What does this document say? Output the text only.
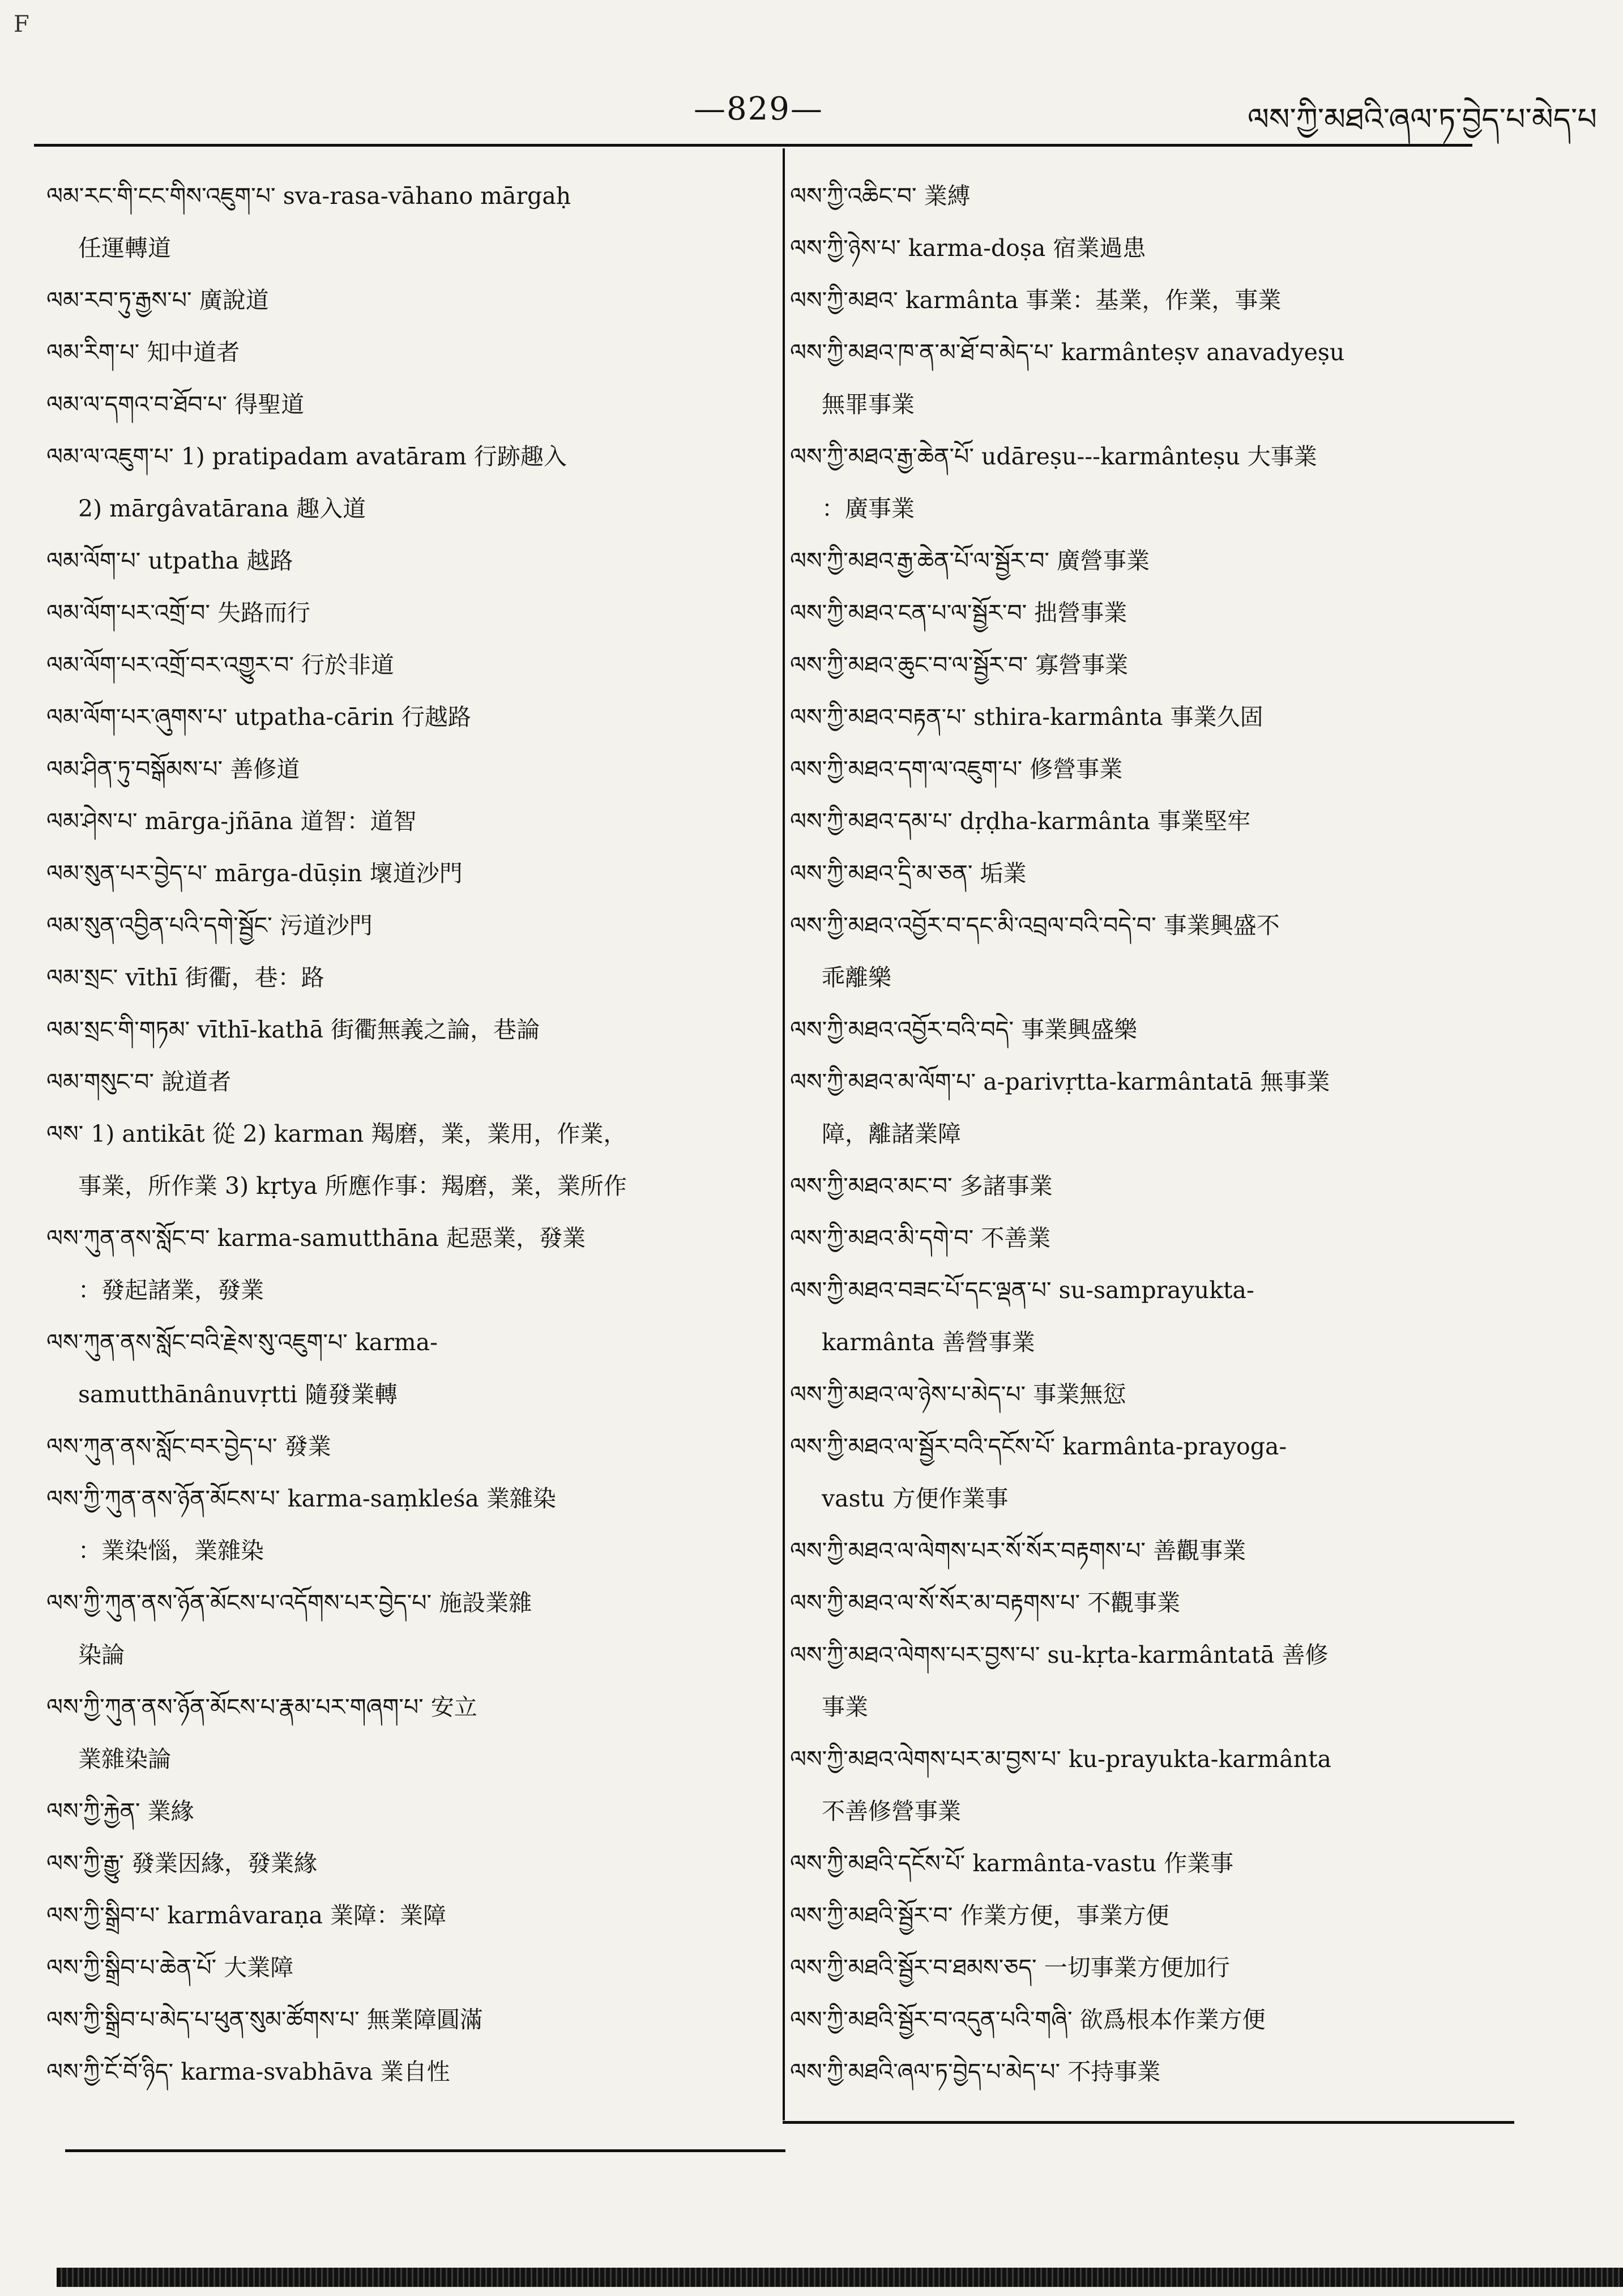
F
—829—	ལས་ཀྱི་མཐའི་ཞལ་ཏ་བྱེད་པ་མེད་པ
ལམ་རང་གི་ངང་གིས་འཇུག་པ་ sva-rasa-vāhano mārgaḥ
任運轉道
ལམ་རབ་ཏུ་རྒྱས་པ་ 廣說道
ལམ་རིག་པ་ 知中道者
ལམ་ལ་དགའ་བ་ཐོབ་པ་ 得聖道
ལམ་ལ་འཇུག་པ་ 1) pratipadam avatāram 行跡趣入
2) mārgâvatārana 趣入道
ལམ་ལོག་པ་ utpatha 越路
ལམ་ལོག་པར་འགྲོ་བ་ 失路而行
ལམ་ལོག་པར་འགྲོ་བར་འགྱུར་བ་ 行於非道
ལམ་ལོག་པར་ཞུགས་པ་ utpatha-cārin 行越路
ལམ་ཤིན་ཏུ་བསྒོམས་པ་ 善修道
ལམ་ཤེས་པ་ mārga-jñāna 道智：道智
ལམ་སུན་པར་བྱེད་པ་ mārga-dūṣin 壞道沙門
ལམ་སུན་འབྱིན་པའི་དགེ་སྦྱོང་ 污道沙門
ལམ་སྲང་ vīthī 街衢，巷：路
ལམ་སྲང་གི་གཏམ་ vīthī-kathā 街衢無義之論，巷論
ལམ་གསུང་བ་ 說道者
ལས་ 1) antikāt 從 2) karman 羯磨，業，業用，作業，
事業，所作業 3) kṛtya 所應作事：羯磨，業，業所作
ལས་ཀུན་ནས་སློང་བ་ karma-samutthāna 起惡業，發業
：發起諸業，發業
ལས་ཀུན་ནས་སློང་བའི་རྗེས་སུ་འཇུག་པ་ karma-
samutthānânuvṛtti 隨發業轉
ལས་ཀུན་ནས་སློང་བར་བྱེད་པ་ 發業
ལས་ཀྱི་ཀུན་ནས་ཉོན་མོངས་པ་ karma-saṃkleśa 業雜染
：業染惱，業雜染
ལས་ཀྱི་ཀུན་ནས་ཉོན་མོངས་པ་འདོགས་པར་བྱེད་པ་ 施設業雜
染論
ལས་ཀྱི་ཀུན་ནས་ཉོན་མོངས་པ་རྣམ་པར་གཞག་པ་ 安立
業雜染論
ལས་ཀྱི་རྐྱེན་ 業緣
ལས་ཀྱི་རྒྱུ་ 發業因緣，發業緣
ལས་ཀྱི་སྒྲིབ་པ་ karmâvaraṇa 業障：業障
ལས་ཀྱི་སྒྲིབ་པ་ཆེན་པོ་ 大業障
ལས་ཀྱི་སྒྲིབ་པ་མེད་པ་ཕུན་སུམ་ཚོགས་པ་ 無業障圓滿
ལས་ཀྱི་ངོ་བོ་ཉིད་ karma-svabhāva 業自性
ལས་ཀྱི་འཆིང་བ་ 業縛
ལས་ཀྱི་ཉེས་པ་ karma-doṣa 宿業過患
ལས་ཀྱི་མཐའ་ karmânta 事業：基業，作業，事業
ལས་ཀྱི་མཐའ་ཁ་ན་མ་ཐོ་བ་མེད་པ་ karmânteṣv anavadyeṣu
無罪事業
ལས་ཀྱི་མཐའ་རྒྱ་ཆེན་པོ་ udāreṣu---karmânteṣu 大事業
：廣事業
ལས་ཀྱི་མཐའ་རྒྱ་ཆེན་པོ་ལ་སྦྱོར་བ་ 廣營事業
ལས་ཀྱི་མཐའ་ངན་པ་ལ་སྦྱོར་བ་ 拙營事業
ལས་ཀྱི་མཐའ་ཆུང་བ་ལ་སྦྱོར་བ་ 寡營事業
ལས་ཀྱི་མཐའ་བརྟན་པ་ sthira-karmânta 事業久固
ལས་ཀྱི་མཐའ་དག་ལ་འཇུག་པ་ 修營事業
ལས་ཀྱི་མཐའ་དམ་པ་ dṛḍha-karmânta 事業堅牢
ལས་ཀྱི་མཐའ་དྲི་མ་ཅན་ 垢業
ལས་ཀྱི་མཐའ་འབྱོར་བ་དང་མི་འབྲལ་བའི་བདེ་བ་ 事業興盛不
乖離樂
ལས་ཀྱི་མཐའ་འབྱོར་བའི་བདེ་ 事業興盛樂
ལས་ཀྱི་མཐའ་མ་ལོག་པ་ a-parivṛtta-karmântatā 無事業
障，離諸業障
ལས་ཀྱི་མཐའ་མང་བ་ 多諸事業
ལས་ཀྱི་མཐའ་མི་དགེ་བ་ 不善業
ལས་ཀྱི་མཐའ་བཟང་པོ་དང་ལྡན་པ་ su-samprayukta-
karmânta 善營事業
ལས་ཀྱི་མཐའ་ལ་ཉེས་པ་མེད་པ་ 事業無愆
ལས་ཀྱི་མཐའ་ལ་སྦྱོར་བའི་དངོས་པོ་ karmânta-prayoga-
vastu 方便作業事
ལས་ཀྱི་མཐའ་ལ་ལེགས་པར་སོ་སོར་བརྟགས་པ་ 善觀事業
ལས་ཀྱི་མཐའ་ལ་སོ་སོར་མ་བརྟགས་པ་ 不觀事業
ལས་ཀྱི་མཐའ་ལེགས་པར་བྱས་པ་ su-kṛta-karmântatā 善修
事業
ལས་ཀྱི་མཐའ་ལེགས་པར་མ་བྱས་པ་ ku-prayukta-karmânta
不善修營事業
ལས་ཀྱི་མཐའི་དངོས་པོ་ karmânta-vastu 作業事
ལས་ཀྱི་མཐའི་སྦྱོར་བ་ 作業方便，事業方便
ལས་ཀྱི་མཐའི་སྦྱོར་བ་ཐམས་ཅད་ 一切事業方便加行
ལས་ཀྱི་མཐའི་སྦྱོར་བ་འདུན་པའི་གཞི་ 欲爲根本作業方便
ལས་ཀྱི་མཐའི་ཞལ་ཏ་བྱེད་པ་མེད་པ་ 不持事業
